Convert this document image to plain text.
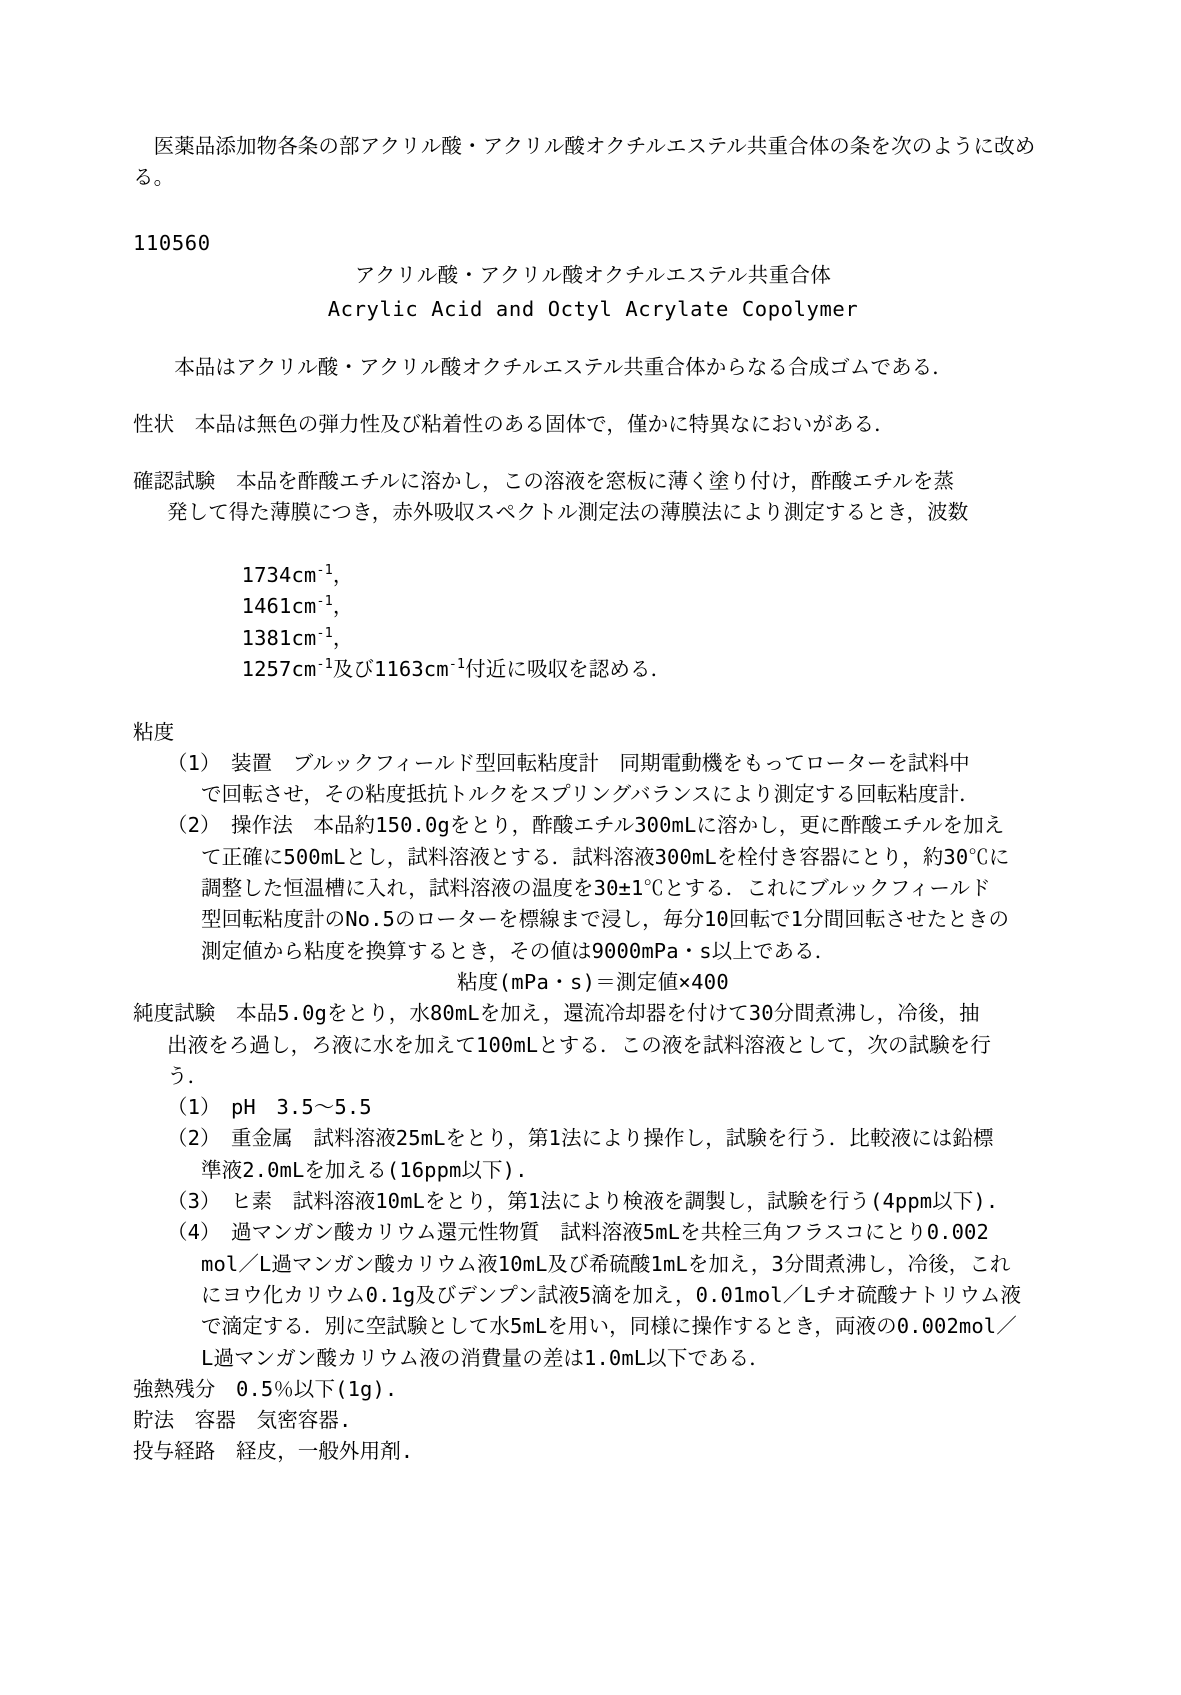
　医薬品添加物各条の部アクリル酸・アクリル酸オクチルエステル共重合体の条を次のように改める。
110560
アクリル酸・アクリル酸オクチルエステル共重合体
Acrylic Acid and Octyl Acrylate Copolymer
　　本品はアクリル酸・アクリル酸オクチルエステル共重合体からなる合成ゴムである．
性状　本品は無色の弾力性及び粘着性のある固体で，僅かに特異なにおいがある．
確認試験　本品を酢酸エチルに溶かし，この溶液を窓板に薄く塗り付け，酢酸エチルを蒸
発して得た薄膜につき，赤外吸収スペクトル測定法の薄膜法により測定するとき，波数

$1734cm^{-1}$，
$1461cm^{-1}$，
$1381cm^{-1}$，
$1257cm^{-1}$及び$1163cm^{-1}$付近に吸収を認める．

粘度
（1）　装置　ブルックフィールド型回転粘度計　同期電動機をもってローターを試料中
で回転させ，その粘度抵抗トルクをスプリングバランスにより測定する回転粘度計．
（2）　操作法　本品約150.0gをとり，酢酸エチル300mLに溶かし，更に酢酸エチルを加え
て正確に500mLとし，試料溶液とする．試料溶液300mLを栓付き容器にとり，約30℃に
調整した恒温槽に入れ，試料溶液の温度を30±1℃とする．これにブルックフィールド
型回転粘度計のNo.5のローターを標線まで浸し，毎分10回転で1分間回転させたときの
測定値から粘度を換算するとき，その値は9000mPa・s以上である．
粘度(mPa・s)＝測定値×400
純度試験　本品5.0gをとり，水80mLを加え，還流冷却器を付けて30分間煮沸し，冷後，抽
出液をろ過し，ろ液に水を加えて100mLとする．この液を試料溶液として，次の試験を行
う．
（1）　pH　3.5～5.5
（2）　重金属　試料溶液25mLをとり，第1法により操作し，試験を行う．比較液には鉛標
準液2.0mLを加える(16ppm以下).
（3）　ヒ素　試料溶液10mLをとり，第1法により検液を調製し，試験を行う(4ppm以下).
（4）　過マンガン酸カリウム還元性物質　試料溶液5mLを共栓三角フラスコにとり0.002
mol／L過マンガン酸カリウム液10mL及び希硫酸1mLを加え，3分間煮沸し，冷後，これ
にヨウ化カリウム0.1g及びデンプン試液5滴を加え，0.01mol／Lチオ硫酸ナトリウム液
で滴定する．別に空試験として水5mLを用い，同様に操作するとき，両液の0.002mol／
L過マンガン酸カリウム液の消費量の差は1.0mL以下である．
強熱残分　0.5％以下(1g).
貯法　容器　気密容器.
投与経路　経皮，一般外用剤.
